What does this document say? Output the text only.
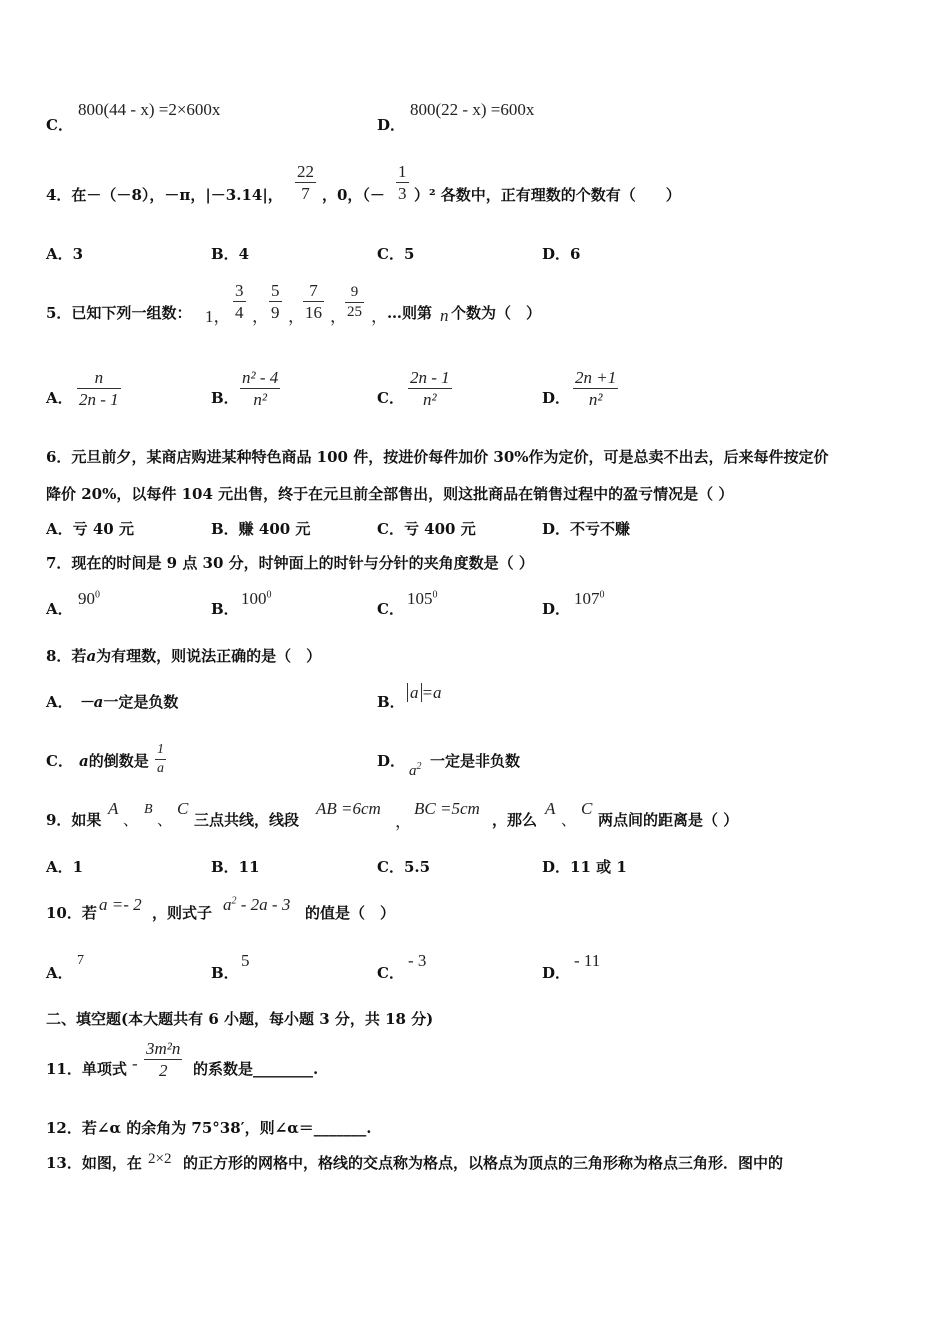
C．
800(44 - x) =2×600x
D．
800(22 - x) =600x
4．在－（－8），－π，|－3.14|，
22
7 ，0，（－
1
3 ）² 各数中，正有理数的个数有（　　）
A．3	B．4	C．5	D．6
5．已知下列一组数： 1，
3
4 ，
5
9 ，
7
16 ，
9
25 ， …则第 n 个数为（　）
A．
n
2n - 1	B．
n² - 4
n²	C．
2n - 1
n²	D．
2n +1
n²
6．元旦前夕，某商店购进某种特色商品 100 件，按进价每件加价 30%作为定价，可是总卖不出去，后来每件按定价
降价 20%，以每件 104 元出售，终于在元旦前全部售出，则这批商品在销售过程中的盈亏情况是（ ）
A．亏 40 元	B．赚 400 元	C．亏 400 元	D．不亏不赚
7．现在的时间是 9 点 30 分，时钟面上的时针与分针的夹角度数是（ ）
A．
$90^0$
B．
$100^0$
C．
$105^0$
D．
$107^0$
8．若a为有理数，则说法正确的是（　）
A． －a一定是负数	B． a =a
C． a的倒数是
1
a	D．
$a^2$ 一定是非负数
9．如果
A
、
B
、
C
三点共线，线段
AB =6cm
，
BC =5cm
，那么
A
、
C
两点间的距离是（ ）
A．1	B．11	C．5.5	D．11 或 1
10．若 a =- 2 ，则式子 $a^2 - 2a - 3$ 的值是（　）
A．
7
B．
5
C．
- 3
D．
- 11
二、填空题(本大题共有 6 小题，每小题 3 分，共 18 分)
11．单项式 -
3m²n
2	的系数是________.
12．若∠α 的余角为 75°38′，则∠α＝_______.
13．如图，在 2×2 的正方形的网格中，格线的交点称为格点，以格点为顶点的三角形称为格点三角形．图中的
